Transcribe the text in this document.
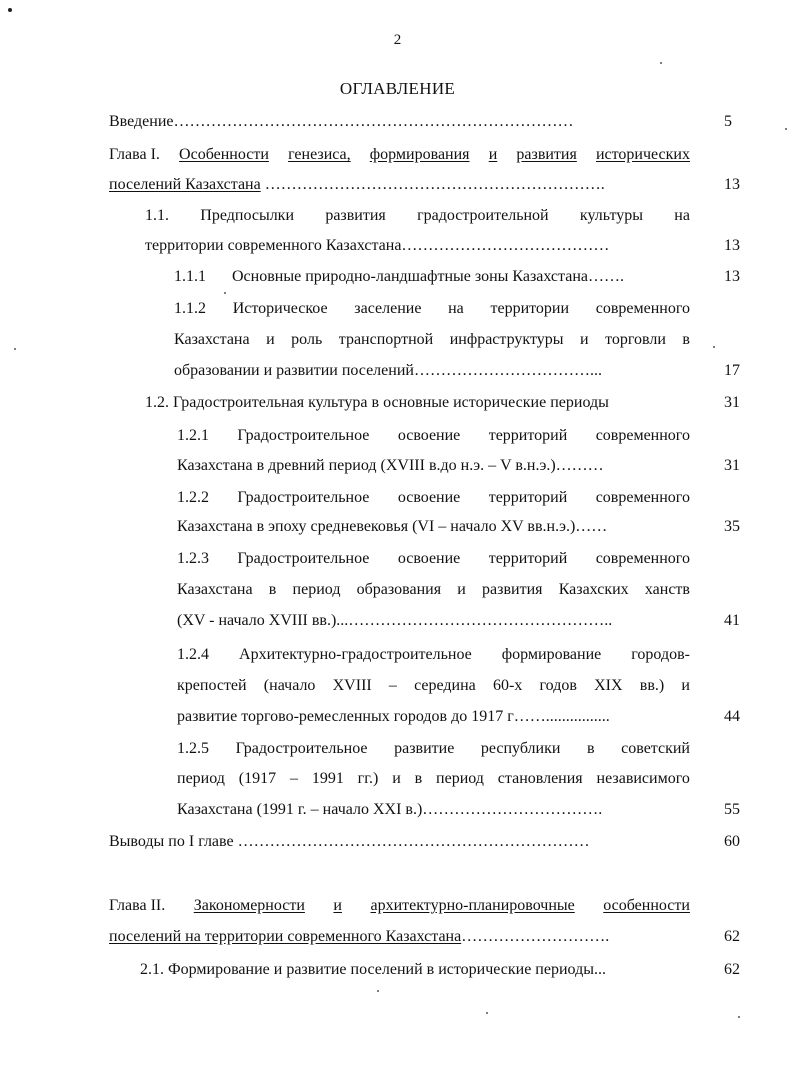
2
ОГЛАВЛЕНИЕ
Введение…………………………………………………………………	5
Глава I. Особенности генезиса, формирования и развития исторических
поселений Казахстана ……………………………………………………….	13
1.1. Предпосылки развития градостроительной культуры на
территории современного Казахстана…………………………………	13
1.1.1 Основные природно-ландшафтные зоны Казахстана…….	13
1.1.2 Историческое заселение на территории современного
Казахстана и роль транспортной инфраструктуры и торговли в
образовании и развитии поселений……………………………...	17
1.2. Градостроительная культура в основные исторические периоды	31
1.2.1 Градостроительное освоение территорий современного
Казахстана в древний период (XVIII в.до н.э. – V в.н.э.)………	31
1.2.2 Градостроительное освоение территорий современного
Казахстана в эпоху средневековья (VI – начало XV вв.н.э.)……	35
1.2.3 Градостроительное освоение территорий современного
Казахстана в период образования и развития Казахских ханств
(XV - начало XVIII вв.)...…………………………………………..	41
1.2.4 Архитектурно-градостроительное формирование городов-
крепостей (начало XVIII – середина 60-х годов XIX вв.) и
развитие торгово-ремесленных городов до 1917 г……................	44
1.2.5 Градостроительное развитие республики в советский
период (1917 – 1991 гг.) и в период становления независимого
Казахстана (1991 г. – начало XXI в.)…………………………….	55
Выводы по I главе …………………………………………………………	60
Глава II. Закономерности и архитектурно-планировочные особенности
поселений на территории современного Казахстана……………………….	62
2.1. Формирование и развитие поселений в исторические периоды...	62
